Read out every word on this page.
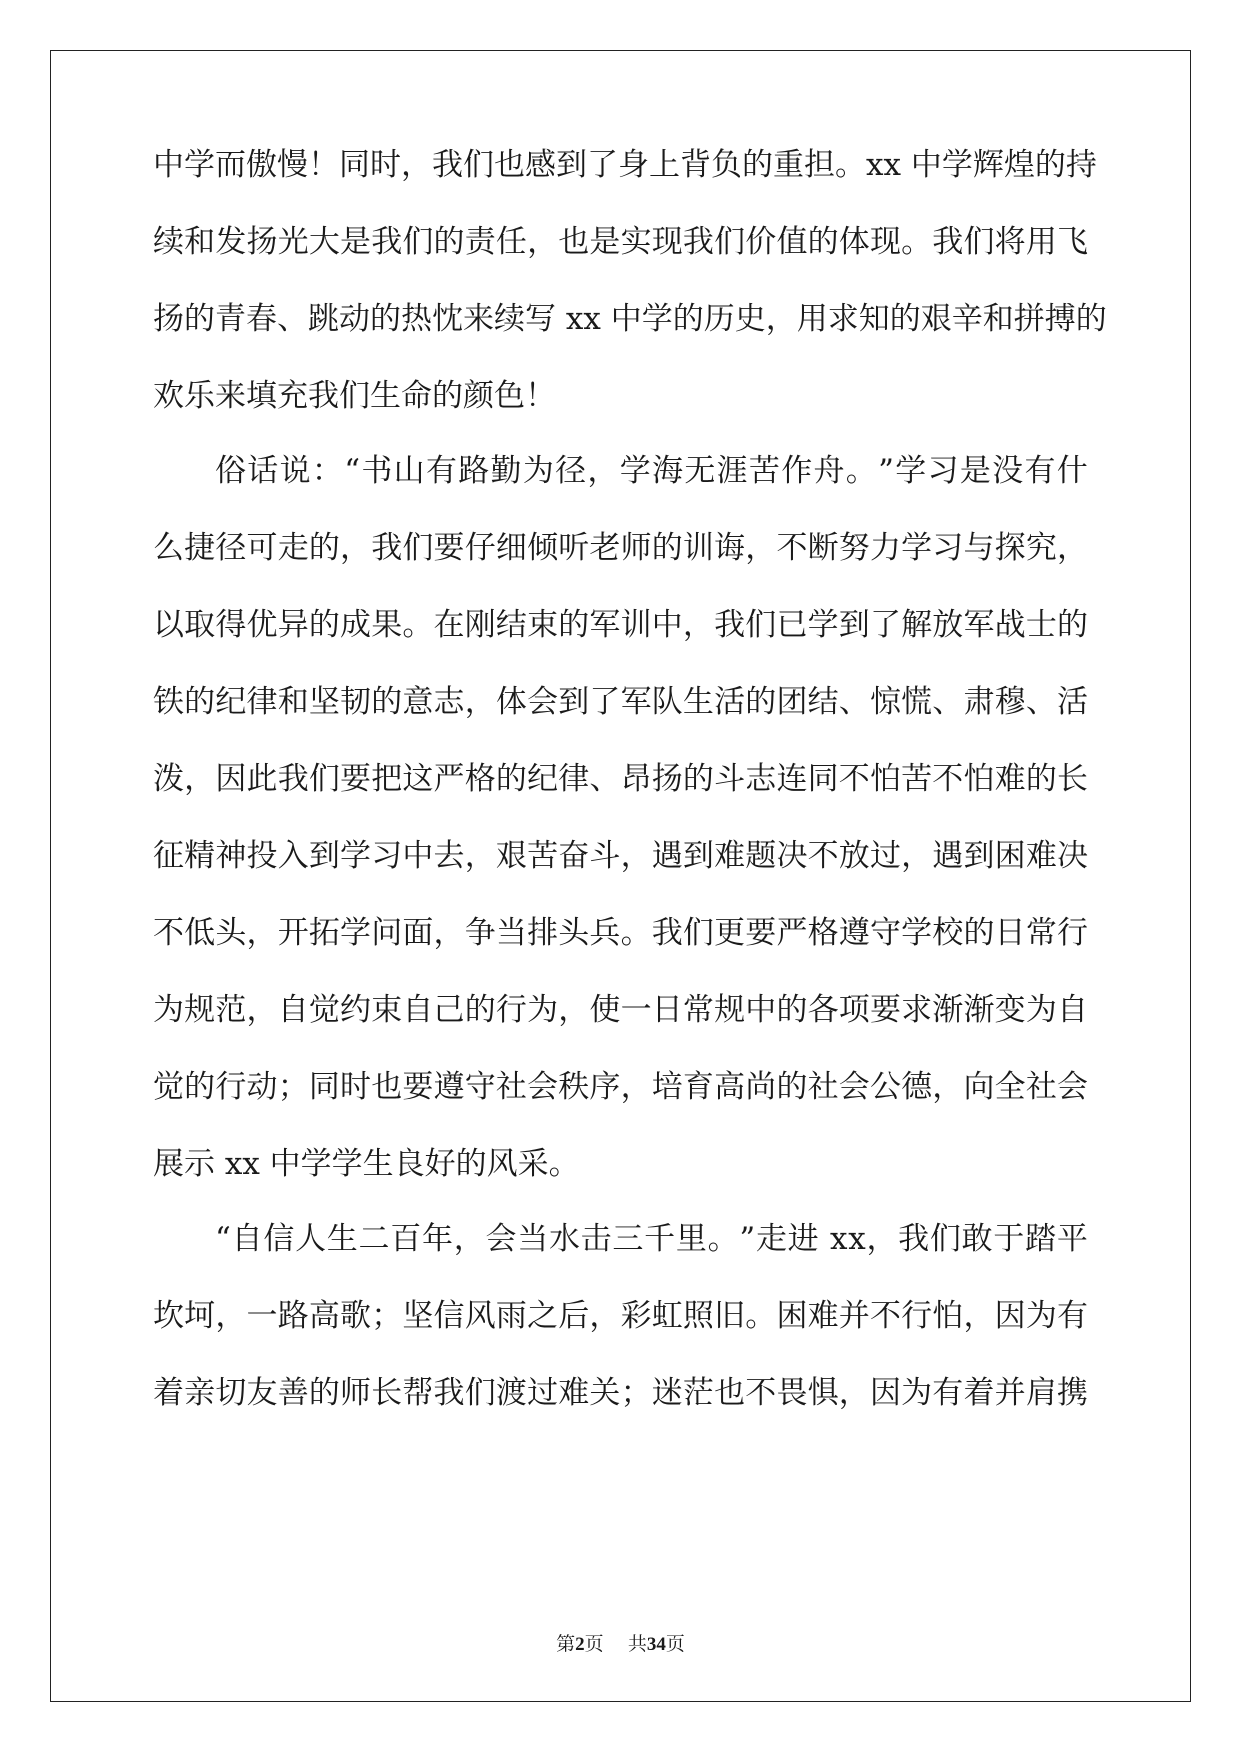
中 学 而 傲 慢 ！ 同 时 ， 我 们 也 感 到 了 身 上 背 负 的 重 担 。 x x
中 学 辉 煌 的 持
续 和 发 扬 光 大 是 我 们 的 责 任 ， 也 是 实 现 我 们 价 值 的 体 现 。 我 们 将 用 飞
扬 的 青 春 、 跳 动 的 热 忱 来 续 写
x x
中 学 的 历 史 ， 用 求 知 的 艰 辛 和 拼 搏 的
欢乐来填充我们生命的颜色！
俗 话 说 ： “ 书 山 有 路 勤 为 径 ， 学 海 无 涯 苦 作 舟 。 ” 学 习 是 没 有 什
么 捷 径 可 走 的 ， 我 们 要 仔 细 倾 听 老 师 的 训 诲 ， 不 断 努 力 学 习 与 探 究 ，
以 取 得 优 异 的 成 果 。 在 刚 结 束 的 军 训 中 ， 我 们 已 学 到 了 解 放 军 战 士 的
铁 的 纪 律 和 坚 韧 的 意 志 ， 体 会 到 了 军 队 生 活 的 团 结 、 惊 慌 、 肃 穆 、 活
泼 ， 因 此 我 们 要 把 这 严 格 的 纪 律 、 昂 扬 的 斗 志 连 同 不 怕 苦 不 怕 难 的 长
征 精 神 投 入 到 学 习 中 去 ， 艰 苦 奋 斗 ， 遇 到 难 题 决 不 放 过 ， 遇 到 困 难 决
不 低 头 ， 开 拓 学 问 面 ， 争 当 排 头 兵 。 我 们 更 要 严 格 遵 守 学 校 的 日 常 行
为 规 范 ， 自 觉 约 束 自 己 的 行 为 ， 使 一 日 常 规 中 的 各 项 要 求 渐 渐 变 为 自
觉 的 行 动 ； 同 时 也 要 遵 守 社 会 秩 序 ， 培 育 高 尚 的 社 会 公 德 ， 向 全 社 会
展示 xx 中学学生良好的风采。
“ 自 信 人 生 二 百 年 ， 会 当 水 击 三 千 里 。 ” 走 进
x x ， 我 们 敢 于 踏 平
坎 坷 ， 一 路 高 歌 ； 坚 信 风 雨 之 后 ， 彩 虹 照 旧 。 困 难 并 不 行 怕 ， 因 为 有
着 亲 切 友 善 的 师 长 帮 我 们 渡 过 难 关 ； 迷 茫 也 不 畏 惧 ， 因 为 有 着 并 肩 携
第2页 共34页
